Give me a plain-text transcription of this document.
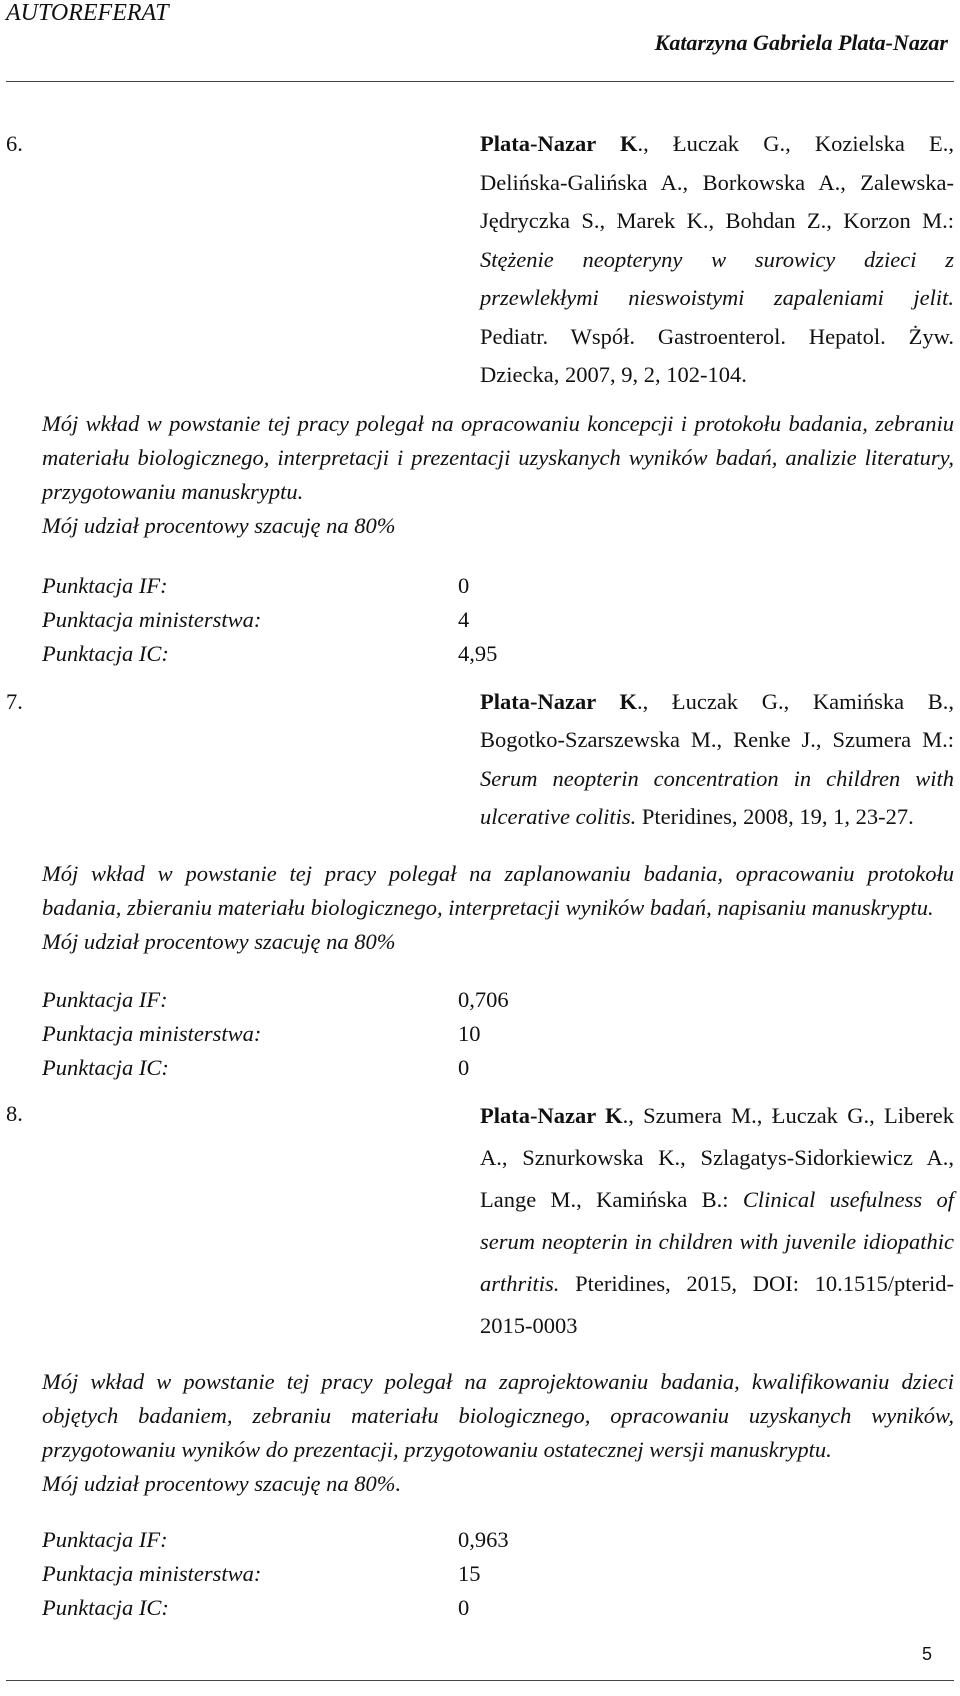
AUTOREFERAT
Katarzyna Gabriela Plata-Nazar
6.	Plata-Nazar K., Łuczak G., Kozielska E., Delińska-Galińska A., Borkowska A., Zalewska-Jędryczka S., Marek K., Bohdan Z., Korzon M.: Stężenie neopteryny w surowicy dzieci z przewlekłymi nieswoistymi zapaleniami jelit. Pediatr. Współ. Gastroenterol. Hepatol. Żyw. Dziecka, 2007, 9, 2, 102-104.
Mój wkład w powstanie tej pracy polegał na opracowaniu koncepcji i protokołu badania, zebraniu materiału biologicznego, interpretacji i prezentacji uzyskanych wyników badań, analizie literatury, przygotowaniu manuskryptu.
Mój udział procentowy szacuję na 80%
Punktacja IF:	0
Punktacja ministerstwa:	4
Punktacja IC:	4,95
7.	Plata-Nazar K., Łuczak G., Kamińska B., Bogotko-Szarszewska M., Renke J., Szumera M.: Serum neopterin concentration in children with ulcerative colitis. Pteridines, 2008, 19, 1, 23-27.
Mój wkład w powstanie tej pracy polegał na zaplanowaniu badania, opracowaniu protokołu badania, zbieraniu materiału biologicznego, interpretacji wyników badań, napisaniu manuskryptu.
Mój udział procentowy szacuję na 80%
Punktacja IF:	0,706
Punktacja ministerstwa:	10
Punktacja IC:	0
8.	Plata-Nazar K., Szumera M., Łuczak G., Liberek A., Sznurkowska K., Szlagatys-Sidorkiewicz A., Lange M., Kamińska B.: Clinical usefulness of serum neopterin in children with juvenile idiopathic arthritis. Pteridines, 2015, DOI: 10.1515/pterid-2015-0003
Mój wkład w powstanie tej pracy polegał na zaprojektowaniu badania, kwalifikowaniu dzieci objętych badaniem, zebraniu materiału biologicznego, opracowaniu uzyskanych wyników, przygotowaniu wyników do prezentacji, przygotowaniu ostatecznej wersji manuskryptu.
Mój udział procentowy szacuję na 80%.
Punktacja IF:	0,963
Punktacja ministerstwa:	15
Punktacja IC:	0
5
